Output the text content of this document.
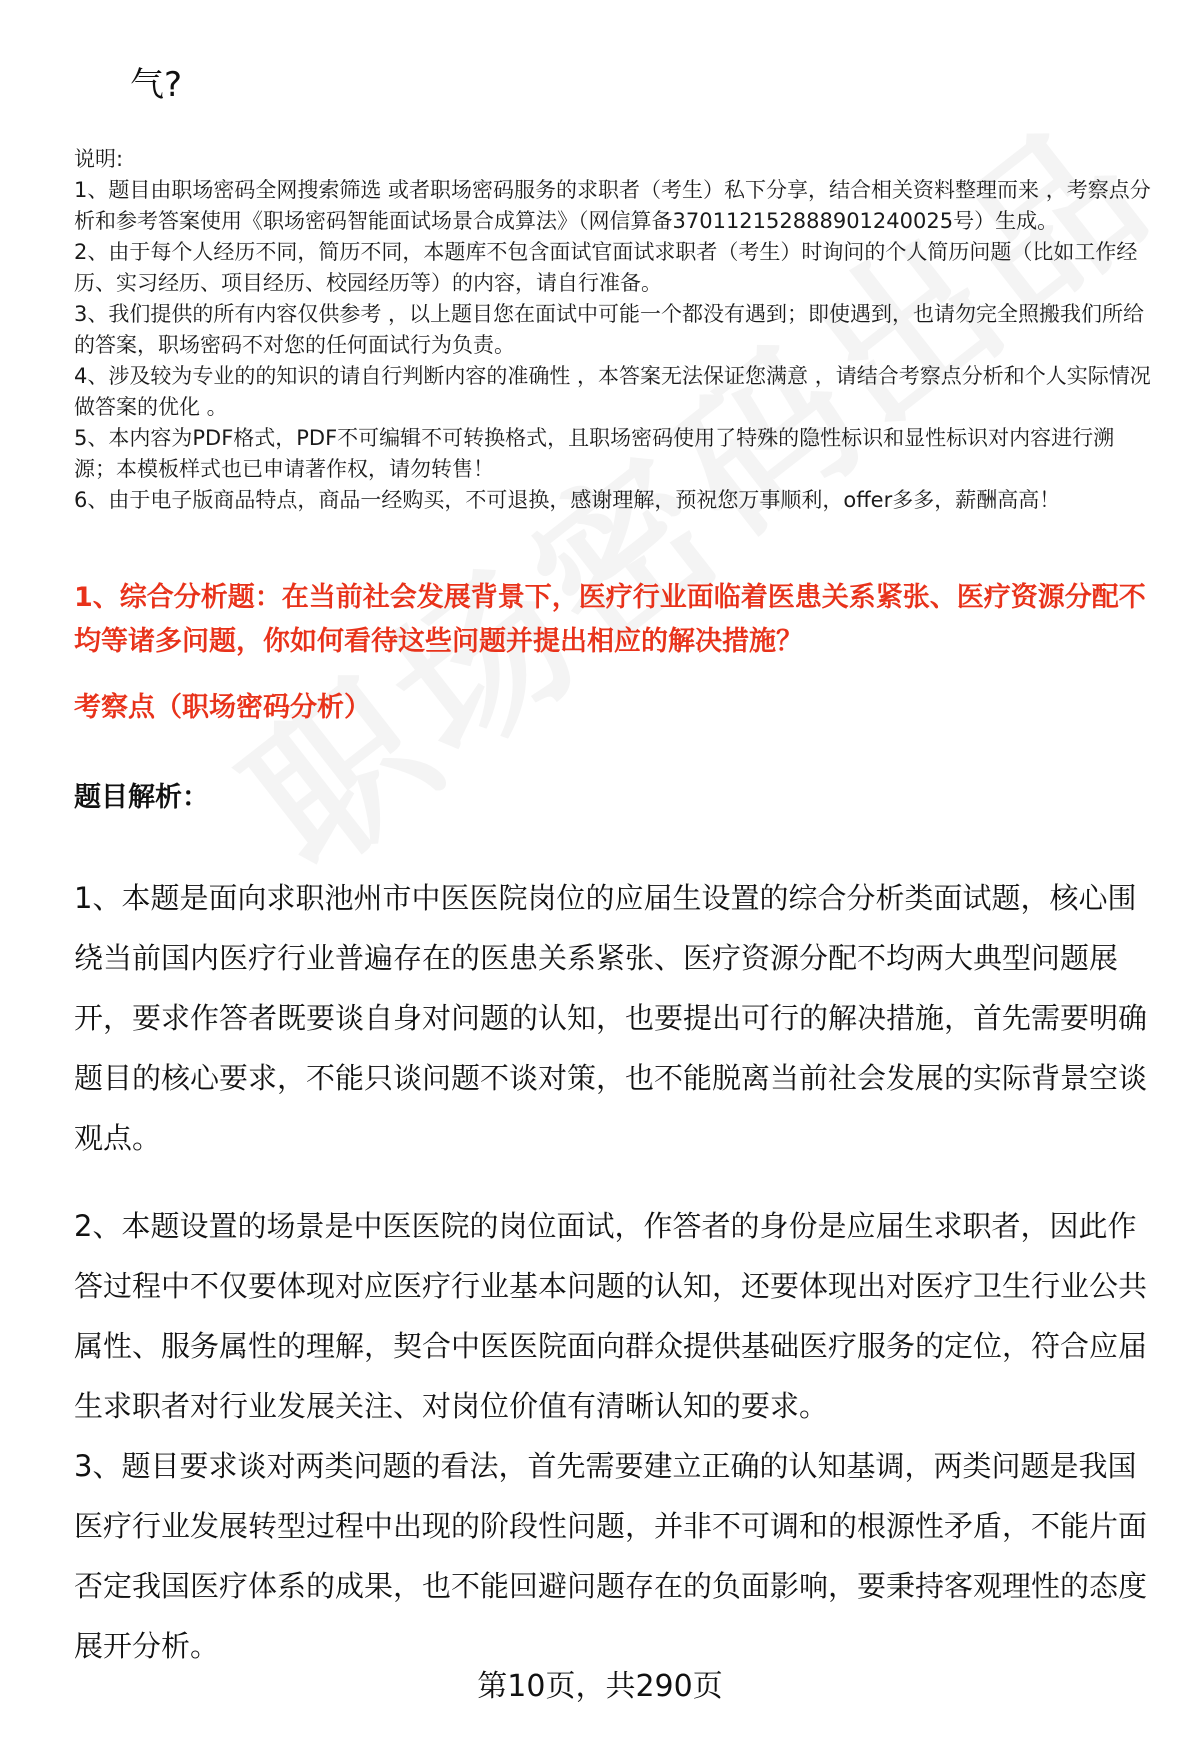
气?

说明:

1、题目由职场密码全网搜索筛选 或者职场密码服务的求职者（考生）私下分享，结合相关资料整理而来 ，考察点分析和参考答案使用《职场密码智能面试场景合成算法》（网信算备370112152888901240025号）生成。

2、由于每个人经历不同，简历不同，本题库不包含面试官面试求职者（考生）时询问的个人简历问题（比如工作经历、实习经历、项目经历、校园经历等）的内容，请自行准备。

3、我们提供的所有内容仅供参考 ，以上题目您在面试中可能一个都没有遇到；即使遇到，也请勿完全照搬我们所给的答案，职场密码不对您的任何面试行为负责。

4、涉及较为专业的的知识的请自行判断内容的准确性 ，本答案无法保证您满意 ，请结合考察点分析和个人实际情况做答案的优化 。

5、本内容为PDF格式，PDF不可编辑不可转换格式，且职场密码使用了特殊的隐性标识和显性标识对内容进行溯源；本模板样式也已申请著作权，请勿转售！

6、由于电子版商品特点，商品一经购买，不可退换，感谢理解，预祝您万事顺利，offer多多，薪酬高高！

1、综合分析题：在当前社会发展背景下，医疗行业面临着医患关系紧张、医疗资源分配不均等诸多问题，你如何看待这些问题并提出相应的解决措施？
考察点（职场密码分析）
题目解析：

1、本题是面向求职池州市中医医院岗位的应届生设置的综合分析类面试题，核心围绕当前国内医疗行业普遍存在的医患关系紧张、医疗资源分配不均两大典型问题展开，要求作答者既要谈自身对问题的认知，也要提出可行的解决措施，首先需要明确题目的核心要求，不能只谈问题不谈对策，也不能脱离当前社会发展的实际背景空谈观点。

2、本题设置的场景是中医医院的岗位面试，作答者的身份是应届生求职者，因此作答过程中不仅要体现对应医疗行业基本问题的认知，还要体现出对医疗卫生行业公共属性、服务属性的理解，契合中医医院面向群众提供基础医疗服务的定位，符合应届生求职者对行业发展关注、对岗位价值有清晰认知的要求。

3、题目要求谈对两类问题的看法，首先需要建立正确的认知基调，两类问题是我国医疗行业发展转型过程中出现的阶段性问题，并非不可调和的根源性矛盾，不能片面否定我国医疗体系的成果，也不能回避问题存在的负面影响，要秉持客观理性的态度展开分析。

第10页，共290页
